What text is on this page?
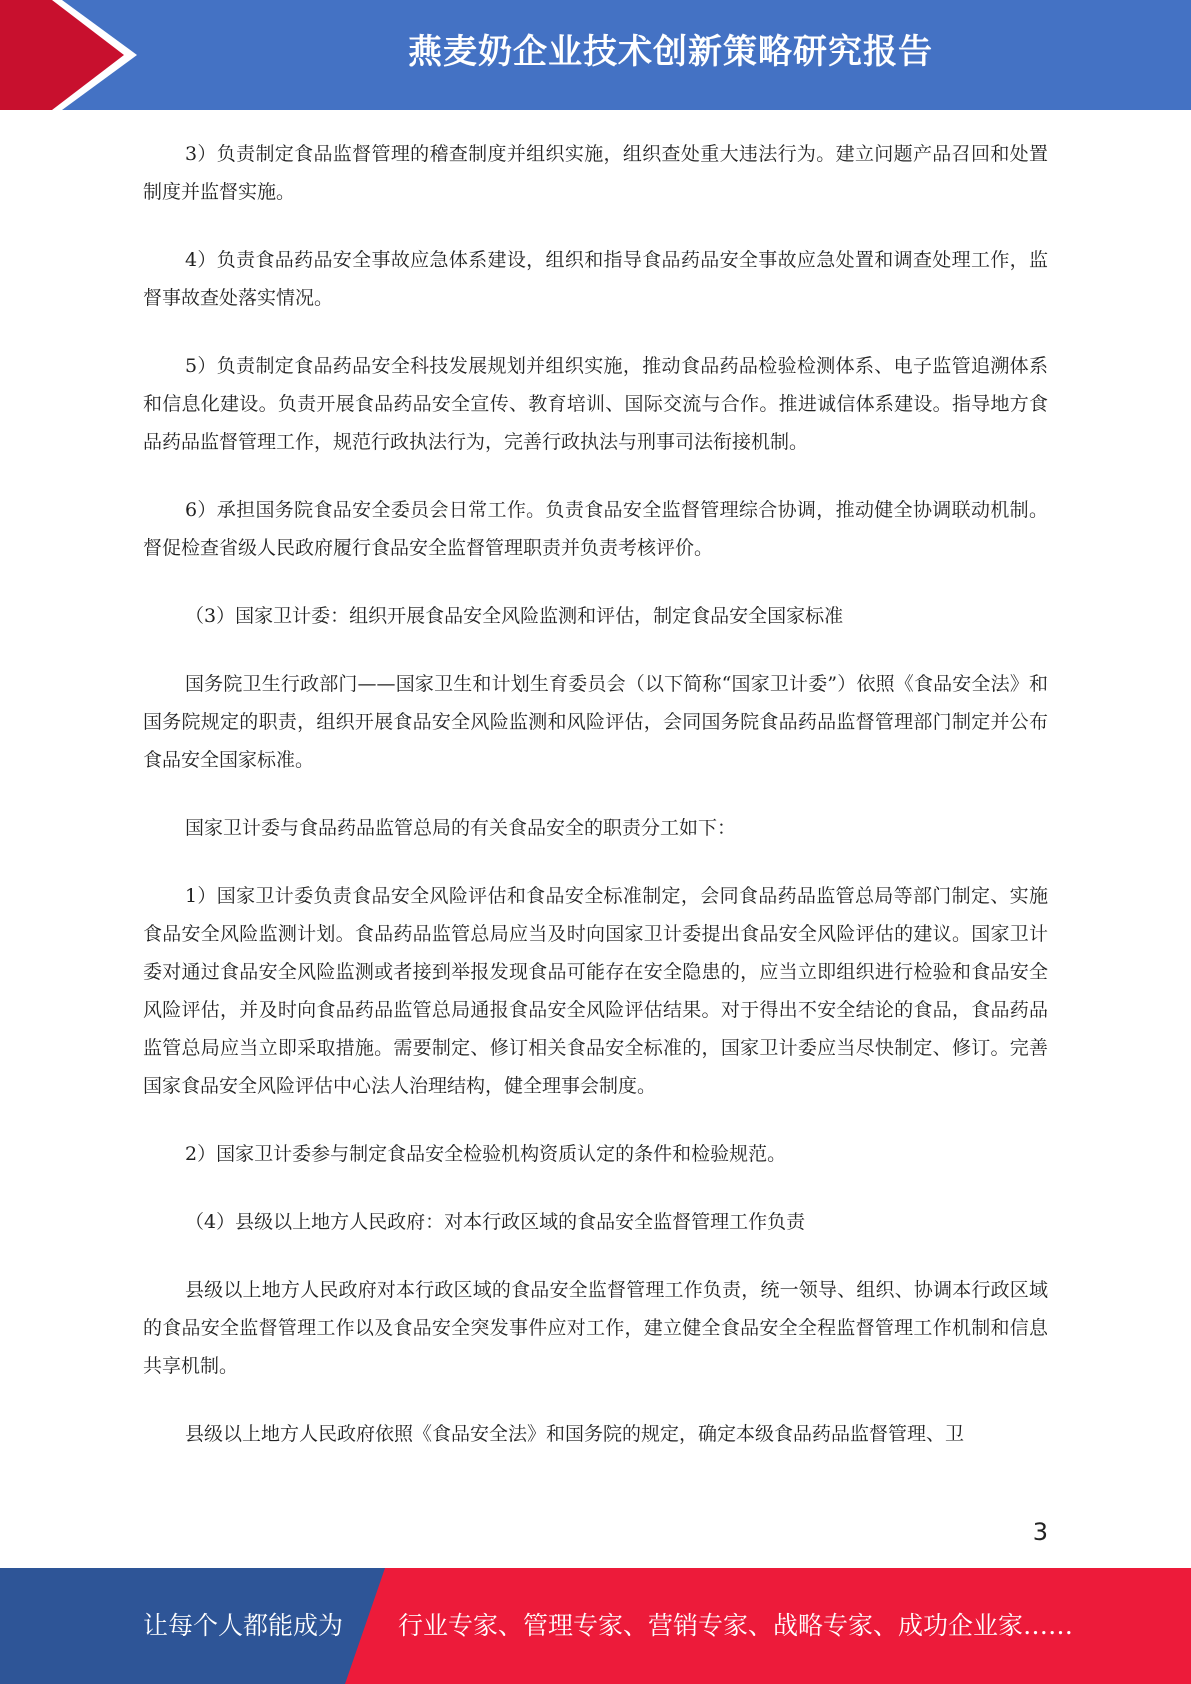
燕麦奶企业技术创新策略研究报告

3）负责制定食品监督管理的稽查制度并组织实施，组织查处重大违法行为。建立问题产品召回和处置制度并监督实施。

4）负责食品药品安全事故应急体系建设，组织和指导食品药品安全事故应急处置和调查处理工作，监督事故查处落实情况。

5）负责制定食品药品安全科技发展规划并组织实施，推动食品药品检验检测体系、电子监管追溯体系和信息化建设。负责开展食品药品安全宣传、教育培训、国际交流与合作。推进诚信体系建设。指导地方食品药品监督管理工作，规范行政执法行为，完善行政执法与刑事司法衔接机制。

6）承担国务院食品安全委员会日常工作。负责食品安全监督管理综合协调，推动健全协调联动机制。督促检查省级人民政府履行食品安全监督管理职责并负责考核评价。

（3）国家卫计委：组织开展食品安全风险监测和评估，制定食品安全国家标准

国务院卫生行政部门——国家卫生和计划生育委员会（以下简称“国家卫计委”）依照《食品安全法》和国务院规定的职责，组织开展食品安全风险监测和风险评估，会同国务院食品药品监督管理部门制定并公布食品安全国家标准。

国家卫计委与食品药品监管总局的有关食品安全的职责分工如下：

1）国家卫计委负责食品安全风险评估和食品安全标准制定，会同食品药品监管总局等部门制定、实施食品安全风险监测计划。食品药品监管总局应当及时向国家卫计委提出食品安全风险评估的建议。国家卫计委对通过食品安全风险监测或者接到举报发现食品可能存在安全隐患的，应当立即组织进行检验和食品安全风险评估，并及时向食品药品监管总局通报食品安全风险评估结果。对于得出不安全结论的食品，食品药品监管总局应当立即采取措施。需要制定、修订相关食品安全标准的，国家卫计委应当尽快制定、修订。完善国家食品安全风险评估中心法人治理结构，健全理事会制度。

2）国家卫计委参与制定食品安全检验机构资质认定的条件和检验规范。

（4）县级以上地方人民政府：对本行政区域的食品安全监督管理工作负责

县级以上地方人民政府对本行政区域的食品安全监督管理工作负责，统一领导、组织、协调本行政区域的食品安全监督管理工作以及食品安全突发事件应对工作，建立健全食品安全全程监督管理工作机制和信息共享机制。

县级以上地方人民政府依照《食品安全法》和国务院的规定，确定本级食品药品监督管理、卫

3
让每个人都能成为 行业专家、管理专家、营销专家、战略专家、成功企业家……
